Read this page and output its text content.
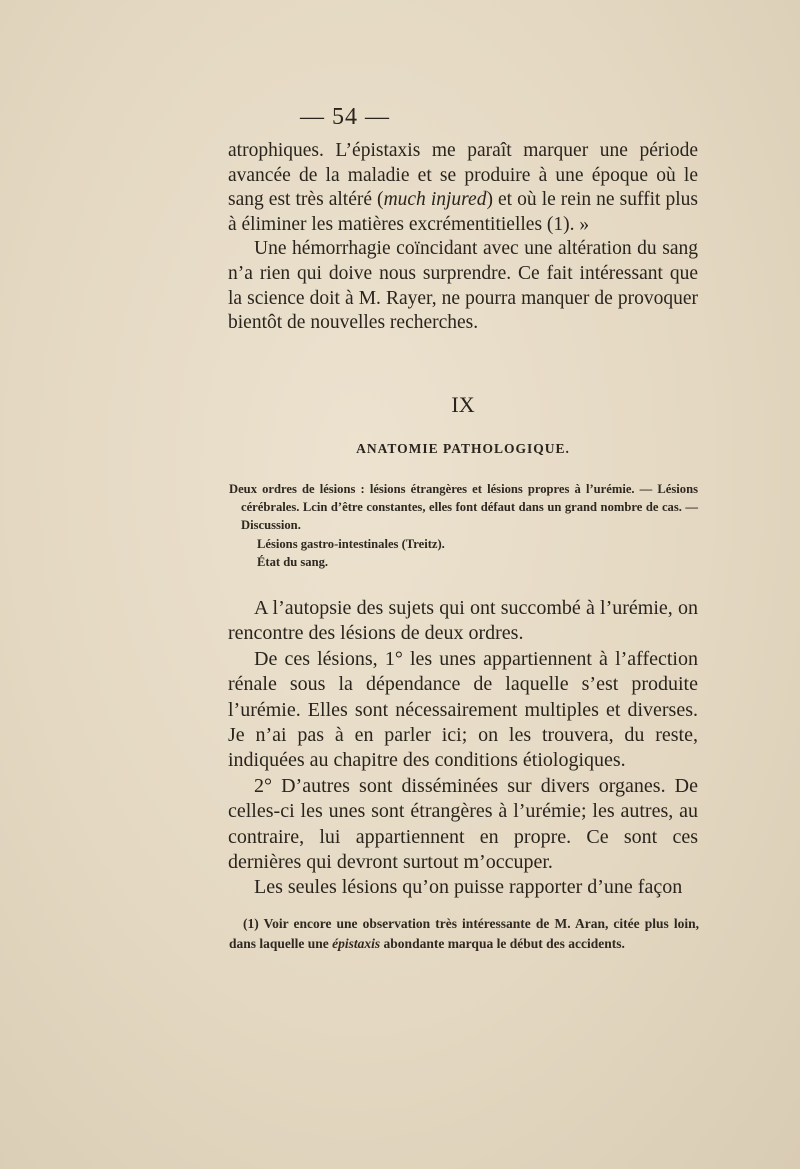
— 54 —

atrophiques. L’épistaxis me paraît marquer une période avancée de la maladie et se produire à une époque où le sang est très altéré (much injured) et où le rein ne suffit plus à éliminer les matières excrémentitielles (1). »

Une hémorrhagie coïncidant avec une altération du sang n’a rien qui doive nous surprendre. Ce fait intéressant que la science doit à M. Rayer, ne pourra manquer de provoquer bientôt de nouvelles recherches.

IX
ANATOMIE PATHOLOGIQUE.
Deux ordres de lésions : lésions étrangères et lésions propres à l’urémie. — Lésions cérébrales. Lcin d’être constantes, elles font défaut dans un grand nombre de cas. — Discussion.
Lésions gastro-intestinales (Treitz).
État du sang.

A l’autopsie des sujets qui ont succombé à l’urémie, on rencontre des lésions de deux ordres.

De ces lésions, 1° les unes appartiennent à l’affection rénale sous la dépendance de laquelle s’est produite l’urémie. Elles sont nécessairement multiples et diverses. Je n’ai pas à en parler ici; on les trouvera, du reste, indiquées au chapitre des conditions étiologiques.

2° D’autres sont disséminées sur divers organes. De celles-ci les unes sont étrangères à l’urémie; les autres, au contraire, lui appartiennent en propre. Ce sont ces dernières qui devront surtout m’occuper.

Les seules lésions qu’on puisse rapporter d’une façon

(1) Voir encore une observation très intéressante de M. Aran, citée plus loin, dans laquelle une épistaxis abondante marqua le début des accidents.
